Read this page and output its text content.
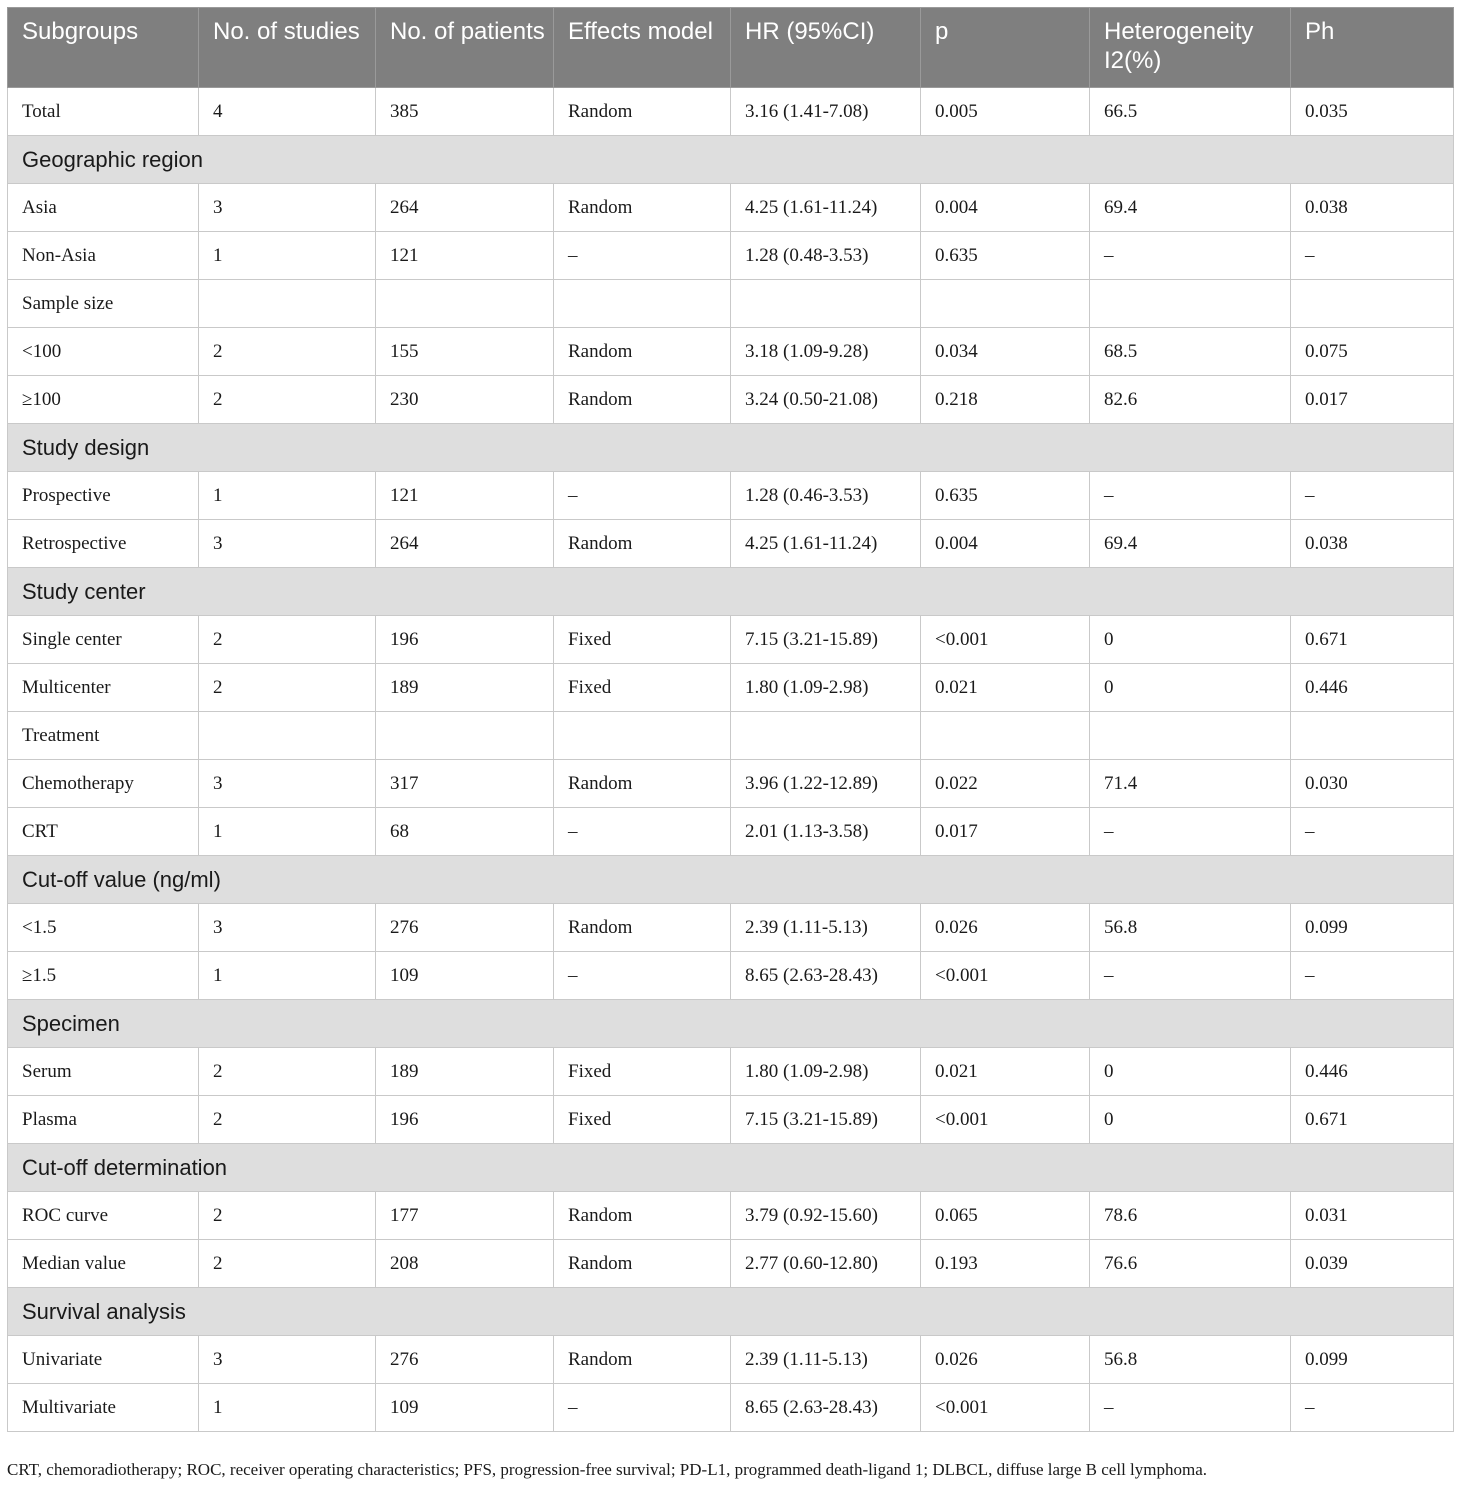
Subgroups	No. of studies	No. of patients	Effects model	HR (95%CI)	p	Heterogeneity I2(%)	Ph
Total	4	385	Random	3.16 (1.41-7.08)	0.005	66.5	0.035
Geographic region							
Asia	3	264	Random	4.25 (1.61-11.24)	0.004	69.4	0.038
Non-Asia	1	121	–	1.28 (0.48-3.53)	0.635	–	–
Sample size							
<100	2	155	Random	3.18 (1.09-9.28)	0.034	68.5	0.075
≥100	2	230	Random	3.24 (0.50-21.08)	0.218	82.6	0.017
Study design							
Prospective	1	121	–	1.28 (0.46-3.53)	0.635	–	–
Retrospective	3	264	Random	4.25 (1.61-11.24)	0.004	69.4	0.038
Study center							
Single center	2	196	Fixed	7.15 (3.21-15.89)	<0.001	0	0.671
Multicenter	2	189	Fixed	1.80 (1.09-2.98)	0.021	0	0.446
Treatment							
Chemotherapy	3	317	Random	3.96 (1.22-12.89)	0.022	71.4	0.030
CRT	1	68	–	2.01 (1.13-3.58)	0.017	–	–
Cut-off value (ng/ml)							
<1.5	3	276	Random	2.39 (1.11-5.13)	0.026	56.8	0.099
≥1.5	1	109	–	8.65 (2.63-28.43)	<0.001	–	–
Specimen							
Serum	2	189	Fixed	1.80 (1.09-2.98)	0.021	0	0.446
Plasma	2	196	Fixed	7.15 (3.21-15.89)	<0.001	0	0.671
Cut-off determination							
ROC curve	2	177	Random	3.79 (0.92-15.60)	0.065	78.6	0.031
Median value	2	208	Random	2.77 (0.60-12.80)	0.193	76.6	0.039
Survival analysis							
Univariate	3	276	Random	2.39 (1.11-5.13)	0.026	56.8	0.099
Multivariate	1	109	–	8.65 (2.63-28.43)	<0.001	–	–
CRT, chemoradiotherapy; ROC, receiver operating characteristics; PFS, progression-free survival; PD-L1, programmed death-ligand 1; DLBCL, diffuse large B cell lymphoma.
